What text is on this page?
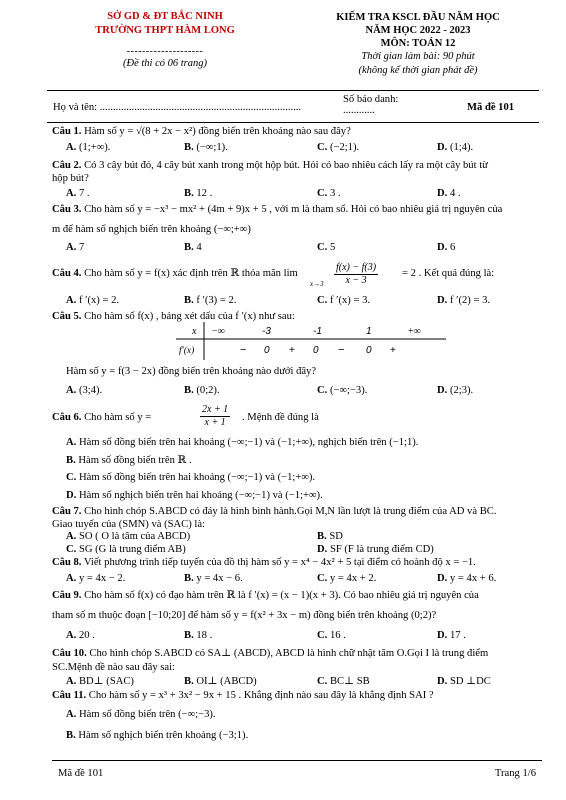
SỞ GD & ĐT BẮC NINH
TRƯỜNG THPT HÀM LONG
--------------------
(Đề thi có 06 trang)
KIỂM TRA KSCL ĐẦU NĂM HỌC
NĂM HỌC 2022 - 2023
MÔN: TOÁN 12
Thời gian làm bài: 90 phút
(không kể thời gian phát đề)
Họ và tên: ............................................................................
Số báo danh:
............	Mã đề 101
Câu 1. Hàm số y = √(8 + 2x − x²) đồng biến trên khoảng nào sau đây?
A. (1;+∞).	B. (−∞;1).	C. (−2;1).	D. (1;4).
Câu 2. Có 3 cây bút đỏ, 4 cây bút xanh trong một hộp bút. Hỏi có bao nhiêu cách lấy ra một cây bút từ
hộp bút?
A. 7 .	B. 12 .	C. 3 .	D. 4 .
Câu 3. Cho hàm số y = −x³ − mx² + (4m + 9)x + 5 , với m là tham số. Hỏi có bao nhiêu giá trị nguyên của
m để hàm số nghịch biến trên khoảng (−∞;+∞)
A. 7	B. 4	C. 5	D. 6
Câu 4. Cho hàm số y = f(x) xác định trên ℝ thỏa mãn lim
$x\to 3 \frac{f(x) - f(3)}{x - 3} = 2$ . Kết quả đúng là:
A. f ′(x) = 2.	B. f ′(3) = 2.	C. f ′(x) = 3.	D. f ′(2) = 3.
Câu 5. Cho hàm số f(x) , bảng xét dấu của f ′(x) như sau:
x −∞	-3	-1	1	+∞
f′(x)	− 0 + 0 − 0 +
Hàm số y = f(3 − 2x) đồng biến trên khoảng nào dưới đây?
A. (3;4).	B. (0;2).	C. (−∞;−3).	D. (2;3).
Câu 6. Cho hàm số y =	$\frac{2x + 1}{x + 1}$ . Mệnh đề đúng là
A. Hàm số đồng biến trên hai khoảng (−∞;−1) và (−1;+∞), nghịch biến trên (−1;1).
B. Hàm số đồng biến trên ℝ .
C. Hàm số đồng biến trên hai khoảng (−∞;−1) và (−1;+∞).
D. Hàm số nghịch biến trên hai khoảng (−∞;−1) và (−1;+∞).
Câu 7. Cho hình chóp S.ABCD có đáy là hình bình hành.Gọi M,N lần lượt là trung điểm của AD và BC.
Giao tuyến của (SMN) và (SAC) là:
A. SO ( O là tâm của ABCD)	B. SD
C. SG (G là trung điểm AB)	D. SF (F là trung điểm CD)
Câu 8. Viết phương trình tiếp tuyến của đồ thị hàm số y = x⁴ − 4x² + 5 tại điểm có hoành độ x = −1.
A. y = 4x − 2.	B. y = 4x − 6.	C. y = 4x + 2.	D. y = 4x + 6.
Câu 9. Cho hàm số f(x) có đạo hàm trên ℝ là f ′(x) = (x − 1)(x + 3). Có bao nhiêu giá trị nguyên của
tham số m thuộc đoạn [−10;20] để hàm số y = f(x² + 3x − m) đồng biến trên khoảng (0;2)?
A. 20 .	B. 18 .	C. 16 .	D. 17 .
Câu 10. Cho hình chóp S.ABCD có SA⊥ (ABCD), ABCD là hình chữ nhật tâm O.Gọi I là trung điểm
SC.Mệnh đề nào sau đây sai:
A. BD⊥ (SAC)	B. OI⊥ (ABCD)	C. BC⊥ SB	D. SD ⊥DC
Câu 11. Cho hàm số y = x³ + 3x² − 9x + 15 . Khẳng định nào sau đây là khẳng định SAI ?
A. Hàm số đồng biến trên (−∞;−3).
B. Hàm số nghịch biến trên khoảng (−3;1).
Mã đề 101	Trang 1/6
